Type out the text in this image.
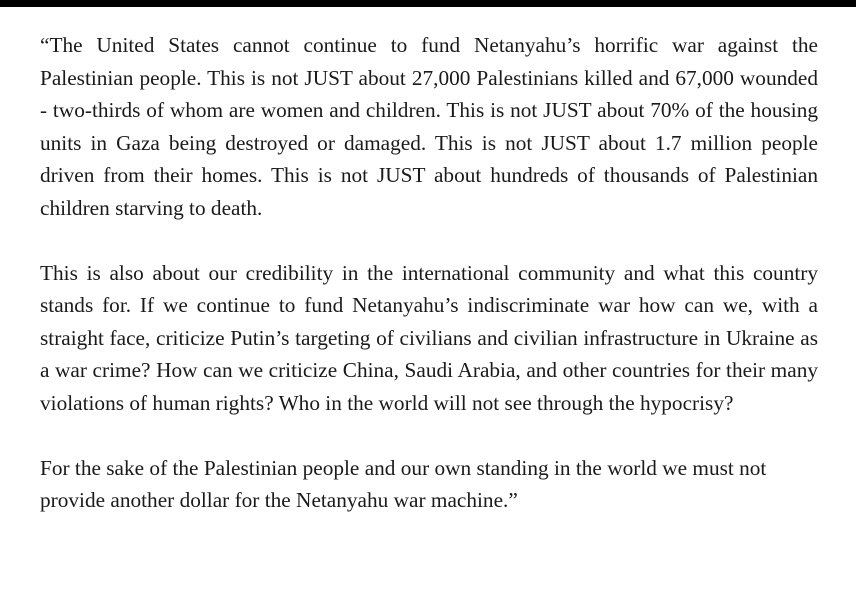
“The United States cannot continue to fund Netanyahu’s horrific war against the Palestinian people. This is not JUST about 27,000 Palestinians killed and 67,000 wounded - two-thirds of whom are women and children. This is not JUST about 70% of the housing units in Gaza being destroyed or damaged. This is not JUST about 1.7 million people driven from their homes. This is not JUST about hundreds of thousands of Palestinian children starving to death.

This is also about our credibility in the international community and what this country stands for. If we continue to fund Netanyahu’s indiscriminate war how can we, with a straight face, criticize Putin’s targeting of civilians and civilian infrastructure in Ukraine as a war crime? How can we criticize China, Saudi Arabia, and other countries for their many violations of human rights? Who in the world will not see through the hypocrisy?

For the sake of the Palestinian people and our own standing in the world we must not provide another dollar for the Netanyahu war machine.”
